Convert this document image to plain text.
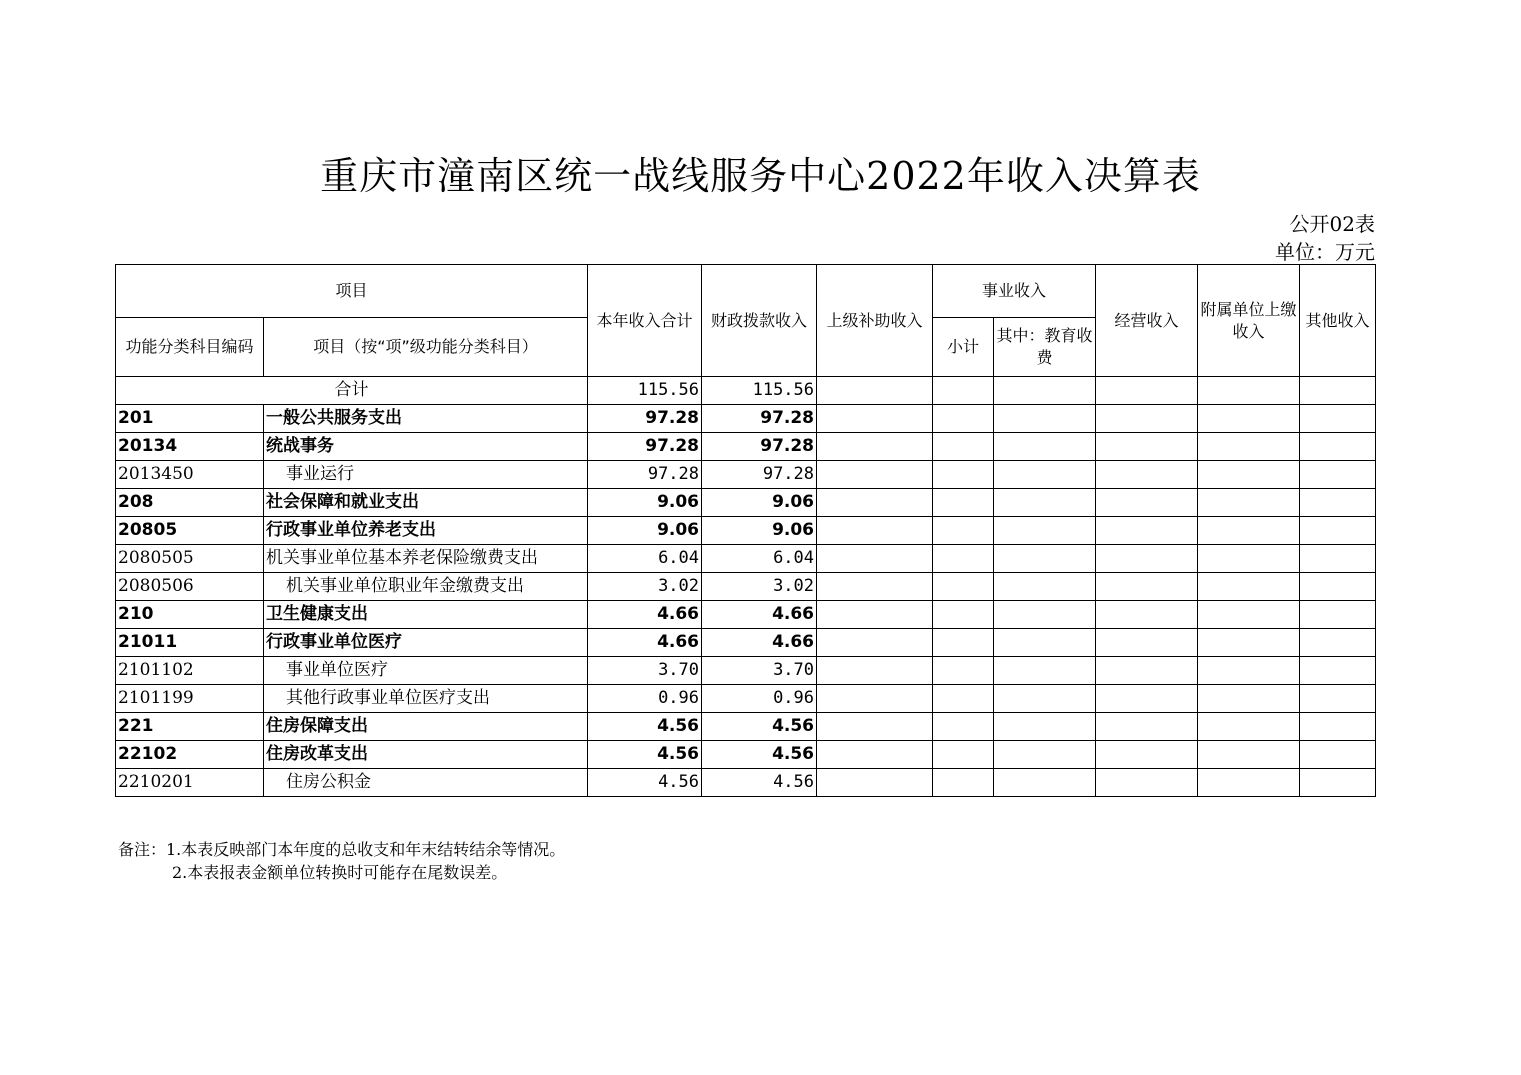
重庆市潼南区统一战线服务中心2022年收入决算表
公开02表
单位：万元
项目		本年收入合计	财政拨款收入	上级补助收入	事业收入		经营收入	附属单位上缴收入	其他收入
功能分类科目编码	项目（按“项”级功能分类科目）								
					小计	其中：教育收费			
合计		115.56	115.56						
201	一般公共服务支出	97.28	97.28						
20134	统战事务	97.28	97.28						
2013450	事业运行	97.28	97.28						
208	社会保障和就业支出	9.06	9.06						
20805	行政事业单位养老支出	9.06	9.06						
2080505	机关事业单位基本养老保险缴费支出	6.04	6.04						
2080506	机关事业单位职业年金缴费支出	3.02	3.02						
210	卫生健康支出	4.66	4.66						
21011	行政事业单位医疗	4.66	4.66						
2101102	事业单位医疗	3.70	3.70						
2101199	其他行政事业单位医疗支出	0.96	0.96						
221	住房保障支出	4.56	4.56						
22102	住房改革支出	4.56	4.56						
2210201	住房公积金	4.56	4.56						
备注：1.本表反映部门本年度的总收支和年末结转结余等情况。
2.本表报表金额单位转换时可能存在尾数误差。
